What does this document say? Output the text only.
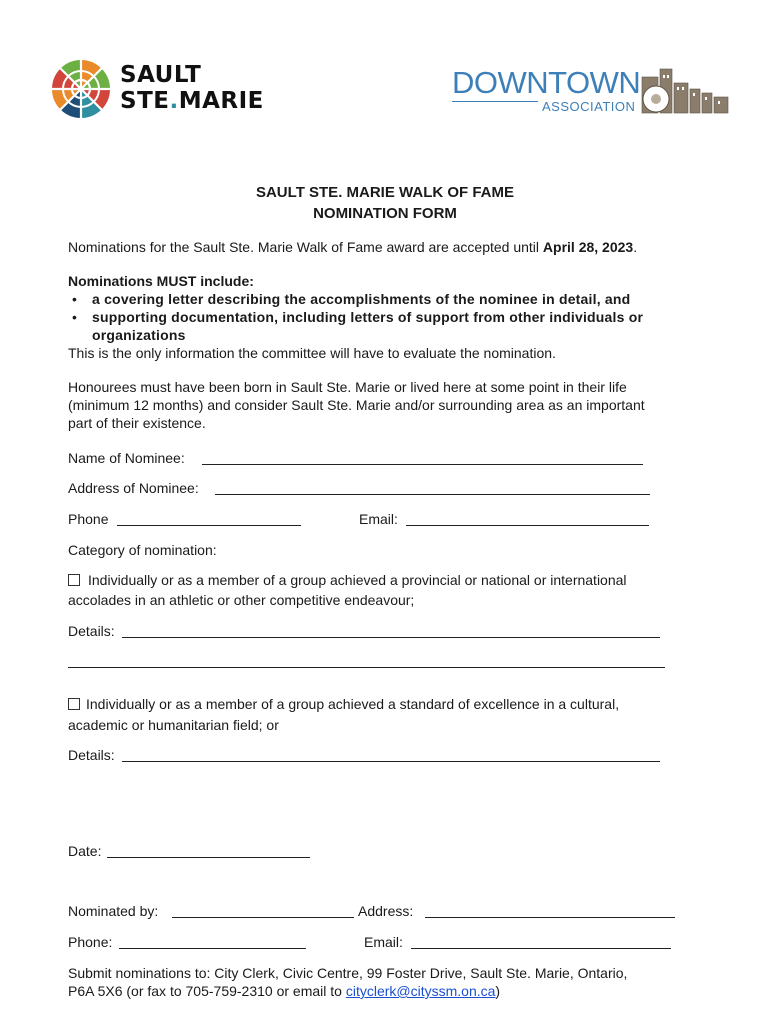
SAULT
STE.MARIE
DOWNTOWN
ASSOCIATION
SAULT STE. MARIE WALK OF FAME
NOMINATION FORM
Nominations for the Sault Ste. Marie Walk of Fame award are accepted until April 28, 2023.
Nominations MUST include:
• a covering letter describing the accomplishments of the nominee in detail, and
• supporting documentation, including letters of support from other individuals or
organizations
This is the only information the committee will have to evaluate the nomination.
Honourees must have been born in Sault Ste. Marie or lived here at some point in their life
(minimum 12 months) and consider Sault Ste. Marie and/or surrounding area as an important
part of their existence.
Name of Nominee:
Address of Nominee:
Phone	Email:
Category of nomination:
Individually or as a member of a group achieved a provincial or national or international
accolades in an athletic or other competitive endeavour;
Details:
Individually or as a member of a group achieved a standard of excellence in a cultural,
academic or humanitarian field; or
Details:
Date:
Nominated by:	Address:
Phone:	Email:
Submit nominations to: City Clerk, Civic Centre, 99 Foster Drive, Sault Ste. Marie, Ontario,
P6A 5X6 (or fax to 705-759-2310 or email to cityclerk@cityssm.on.ca)
